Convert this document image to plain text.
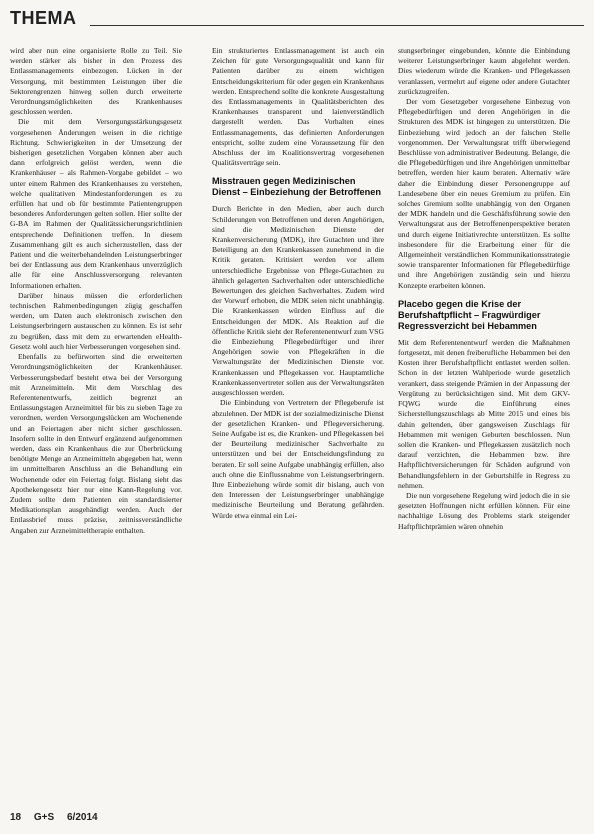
THEMA

wird aber nun eine organisierte Rolle zu Teil. Sie werden stärker als bisher in den Prozess des Entlassmanagements einbezogen. Lücken in der Versorgung, mit bestimmten Leistungen über die Sektorengrenzen hinweg sollen durch erweiterte Verordnungsmöglichkeiten des Krankenhauses geschlossen werden.

Die mit dem Versorgungsstärkungsgesetz vorgesehenen Änderungen weisen in die richtige Richtung. Schwierigkeiten in der Umsetzung der bisherigen gesetzlichen Vorgaben können aber auch dann erfolgreich gelöst werden, wenn die Krankenhäuser – als Rahmen-Vorgabe gebildet – wo unter einem Rahmen des Krankenhauses zu verstehen, welche qualitativen Mindestanforderungen es zu erfüllen hat und ob für bestimmte Patientengruppen besonderes Anforderungen gelten sollen. Hier sollte der G-BA im Rahmen der Qualitätssicherungsrichtlinien entsprechende Definitionen treffen. In diesem Zusammenhang gilt es auch sicherzustellen, dass der Patient und die weiterbehandelnden Leistungserbringer bei der Entlassung aus dem Krankenhaus unverzüglich alle für eine Anschlussversorgung relevanten Informationen erhalten.

Darüber hinaus müssen die erforderlichen technischen Rahmenbedingungen zügig geschaffen werden, um Daten auch elektronisch zwischen den Leistungserbringern austauschen zu können. Es ist sehr zu begrüßen, dass mit dem zu erwartenden eHealth-Gesetz wohl auch hier Verbesserungen vorgesehen sind.

Ebenfalls zu befürworten sind die erweiterten Verordnungsmöglichkeiten der Krankenhäuser. Verbesserungsbedarf besteht etwa bei der Versorgung mit Arzneimitteln. Mit dem Vorschlag des Referentenentwurfs, zeitlich begrenzt an Entlassungstagen Arzneimittel für bis zu sieben Tage zu verordnen, werden Versorgungslücken am Wochenende und an Feiertagen aber nicht sicher geschlossen. Insofern sollte in den Entwurf ergänzend aufgenommen werden, dass ein Krankenhaus die zur Überbrückung benötigte Menge an Arzneimitteln abgegeben hat, wenn im unmittelbaren Anschluss an die Behandlung ein Wochenende oder ein Feiertag folgt. Bislang sieht das Apothekengesetz hier nur eine Kann-Regelung vor. Zudem sollte dem Patienten ein standardisierter Medikationsplan ausgehändigt werden. Auch der Entlassbrief muss präzise, zeitnissverständliche Angaben zur Arzneimitteltherapie enthalten.

Ein strukturiertes Entlassmanagement ist auch ein Zeichen für gute Versorgungsqualität und kann für Patienten darüber zu einem wichtigen Entscheidungskriterium für oder gegen ein Krankenhaus werden. Entsprechend sollte die konkrete Ausgestaltung des Entlassmanagements in Qualitätsberichten des Krankenhauses transparent und laienverständlich dargestellt werden. Das Vorhalten eines Entlassmanagements, das definierten Anforderungen entspricht, sollte zudem eine Voraussetzung für den Abschluss der im Koalitionsvertrag vorgesehenen Qualitätsverträge sein.

Misstrauen gegen Medizinischen Dienst – Einbeziehung der Betroffenen

Durch Berichte in den Medien, aber auch durch Schilderungen von Betroffenen und deren Angehörigen, sind die Medizinischen Dienste der Krankenversicherung (MDK), ihre Gutachten und ihre Beteiligung an den Krankenkassen zunehmend in die Kritik geraten. Kritisiert werden vor allem unterschiedliche Ergebnisse von Pflege-Gutachten zu ähnlich gelagerten Sachverhalten oder unterschiedliche Bewertungen des gleichen Sachverhaltes. Zudem wird der Vorwurf erhoben, die MDK seien nicht unabhängig. Die Krankenkassen würden Einfluss auf die Entscheidungen der MDK. Als Reaktion auf die öffentliche Kritik sieht der Referentenentwurf zum VSG die Einbeziehung Pflegebedürftiger und ihrer Angehörigen sowie von Pflegekräften in die Verwaltungsräte der Medizinischen Dienste vor. Krankenkassen und Pflegekassen vor. Hauptamtliche Krankenkassenvertreter sollen aus der Verwaltungsräten ausgeschlossen werden.

Die Einbindung von Vertretern der Pflegeberufe ist abzulehnen. Der MDK ist der sozialmedizinische Dienst der gesetzlichen Kranken- und Pflegeversicherung. Seine Aufgabe ist es, die Kranken- und Pflegekassen bei der Beurteilung medizinischer Sachverhalte zu unterstützen und bei der Entscheidungsfindung zu beraten. Er soll seine Aufgabe unabhängig erfüllen, also auch ohne die Einflussnahme von Leistungserbringern. Ihre Einbeziehung würde somit dir bislang, auch von den Interessen der Leistungserbringer unabhängige medizinische Beurteilung und Beratung gefährden. Würde etwa einmal ein Lei-

stungserbringer eingebunden, könnte die Einbindung weiterer Leistungserbringer kaum abgelehnt werden. Dies wiederum würde die Kranken- und Pflegekassen veranlassen, vermehrt auf eigene oder andere Gutachter zurückzugreifen.

Der vom Gesetzgeber vorgesehene Einbezug von Pflegebedürftigen und deren Angehörigen in die Strukturen des MDK ist hingegen zu unterstützen. Die Einbeziehung wird jedoch an der falschen Stelle vorgenommen. Der Verwaltungsrat trifft überwiegend Beschlüsse von administrativer Bedeutung. Belange, die die Pflegebedürftigen und ihre Angehörigen unmittelbar betreffen, werden hier kaum beraten. Alternativ wäre daher die Einbindung dieser Personengruppe auf Landesebene über ein neues Gremium zu prüfen. Ein solches Gremium sollte unabhängig von den Organen der MDK handeln und die Geschäftsführung sowie den Verwaltungsrat aus der Betroffenenperspektive beraten und durch eigene Initiativrechte unterstützen. Es sollte insbesondere für die Erarbeitung einer für die Allgemeinheit verständlichen Kommunikationsstrategie sowie transparenter Informationen für Pflegebedürftige und ihre Angehörigen zuständig sein und hierzu Konzepte erarbeiten können.

Placebo gegen die Krise der Berufshaftpflicht – Fragwürdiger Regressverzicht bei Hebammen

Mit dem Referentenentwurf werden die Maßnahmen fortgesetzt, mit denen freiberufliche Hebammen bei den Kosten ihrer Berufshaftpflicht entlastet werden sollen. Schon in der letzten Wahlperiode wurde gesetzlich verankert, dass steigende Prämien in der Anpassung der Vergütung zu berücksichtigen sind. Mit dem GKV-FQWG wurde die Einführung eines Sicherstellungszuschlags ab Mitte 2015 und eines bis dahin geltenden, über gangsweisen Zuschlags für Hebammen mit wenigen Geburten beschlossen. Nun sollen die Kranken- und Pflegekassen zusätzlich noch darauf verzichten, die Hebammen bzw. ihre Haftpflichtversicherungen für Schäden aufgrund von Behandlungsfehlern in der Geburtshilfe in Regress zu nehmen.

Die nun vorgesehene Regelung wird jedoch die in sie gesetzten Hoffnungen nicht erfüllen können. Für eine nachhaltige Lösung des Problems stark steigender Haftpflichtprämien wären ohnehin

18 G+S 6/2014
